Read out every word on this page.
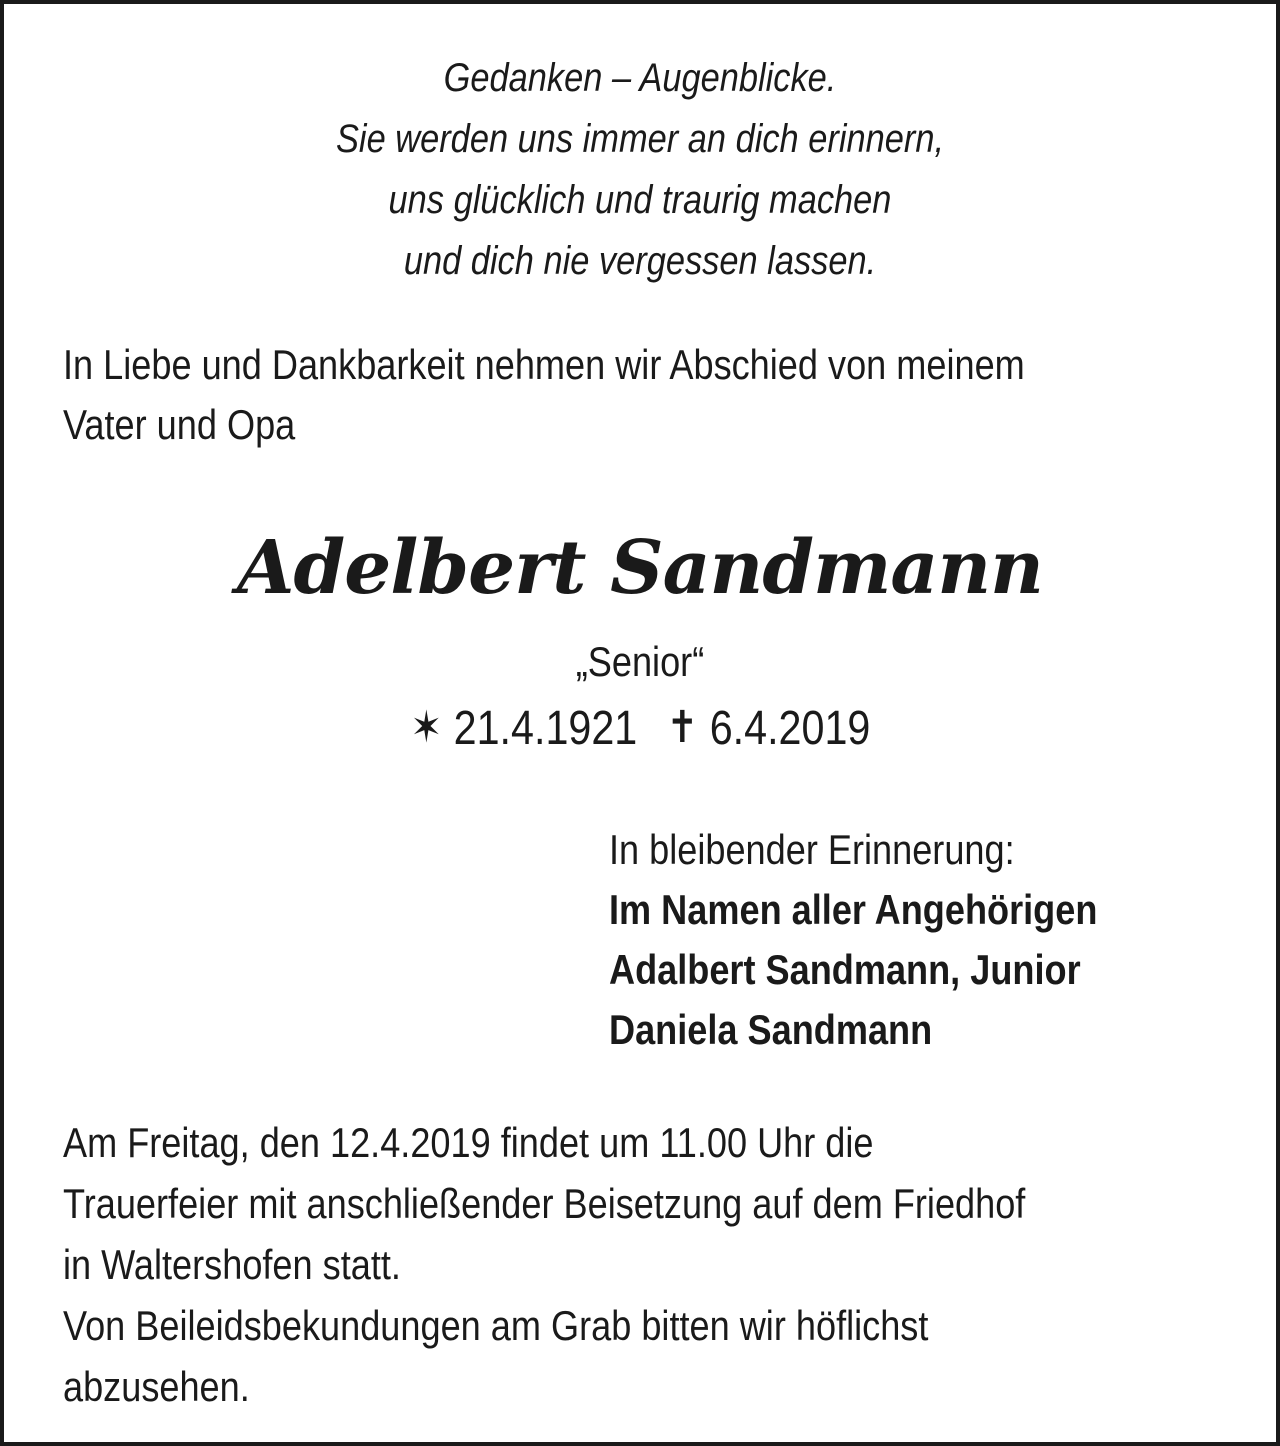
Gedanken – Augenblicke.
Sie werden uns immer an dich erinnern,
uns glücklich und traurig machen
und dich nie vergessen lassen.
In Liebe und Dankbarkeit nehmen wir Abschied von meinem
Vater und Opa
Adelbert Sandmann
„Senior“
✶ 21.4.1921 ✝ 6.4.2019
In bleibender Erinnerung:
Im Namen aller Angehörigen
Adalbert Sandmann, Junior
Daniela Sandmann
Am Freitag, den 12.4.2019 findet um 11.00 Uhr die
Trauerfeier mit anschließender Beisetzung auf dem Friedhof
in Waltershofen statt.
Von Beileidsbekundungen am Grab bitten wir höflichst
abzusehen.
